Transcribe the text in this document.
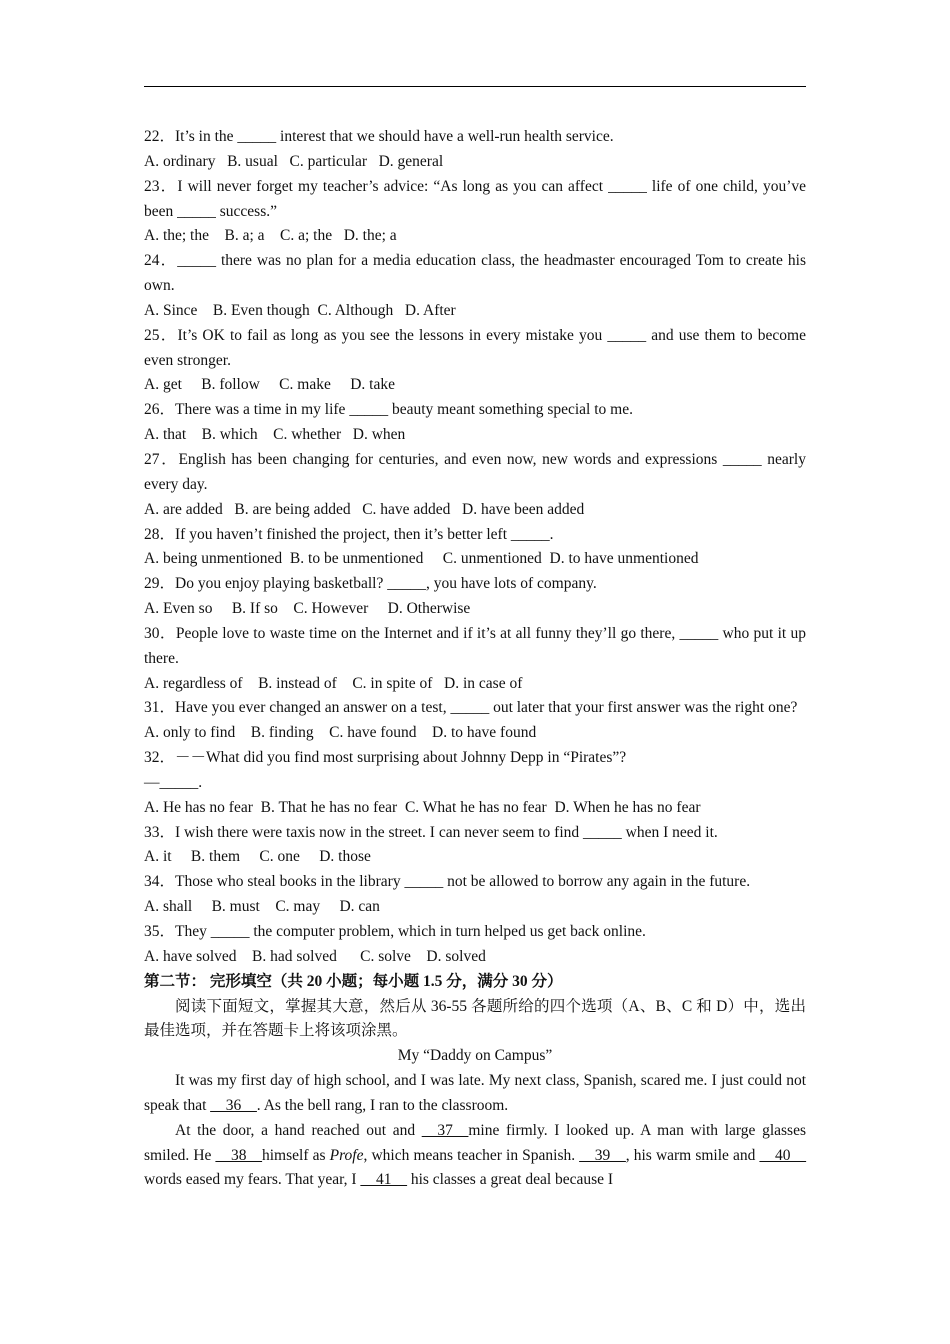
22．It’s in the _____ interest that we should have a well-run health service.
A. ordinary   B. usual   C. particular   D. general
23．I will never forget my teacher’s advice: “As long as you can affect _____ life of one child, you’ve been _____ success.”
A. the; the    B. a; a    C. a; the   D. the; a
24．_____ there was no plan for a media education class, the headmaster encouraged Tom to create his own.
A. Since    B. Even though  C. Although   D. After
25．It’s OK to fail as long as you see the lessons in every mistake you _____ and use them to become even stronger.
A. get     B. follow     C. make     D. take
26．There was a time in my life _____ beauty meant something special to me.
A. that    B. which    C. whether   D. when
27．English has been changing for centuries, and even now, new words and expressions _____ nearly every day.
A. are added   B. are being added   C. have added   D. have been added
28．If you haven’t finished the project, then it’s better left _____.
A. being unmentioned  B. to be unmentioned     C. unmentioned  D. to have unmentioned
29．Do you enjoy playing basketball? _____, you have lots of company.
A. Even so     B. If so    C. However     D. Otherwise
30．People love to waste time on the Internet and if it’s at all funny they’ll go there, _____ who put it up there.
A. regardless of    B. instead of    C. in spite of   D. in case of
31．Have you ever changed an answer on a test, _____ out later that your first answer was the right one?
A. only to find    B. finding    C. have found    D. to have found
32．－－What did you find most surprising about Johnny Depp in “Pirates”?
—_____.
A. He has no fear  B. That he has no fear  C. What he has no fear  D. When he has no fear
33．I wish there were taxis now in the street. I can never seem to find _____ when I need it.
A. it     B. them     C. one     D. those
34．Those who steal books in the library _____ not be allowed to borrow any again in the future.
A. shall     B. must    C. may     D. can
35．They _____ the computer problem, which in turn helped us get back online.
A. have solved    B. had solved      C. solve    D. solved
第二节： 完形填空（共 20 小题；每小题 1.5 分，满分 30 分）
阅读下面短文，掌握其大意，然后从 36-55 各题所给的四个选项（A、B、C 和 D）中，选出最佳选项，并在答题卡上将该项涂黑。
My “Daddy on Campus”
It was my first day of high school, and I was late. My next class, Spanish, scared me. I just could not speak that __36__. As the bell rang, I ran to the classroom.
At the door, a hand reached out and __37__mine firmly. I looked up. A man with large glasses smiled. He __38__himself as Profe, which means teacher in Spanish. __39__, his warm smile and __40__ words eased my fears. That year, I __41__ his classes a great deal because I
